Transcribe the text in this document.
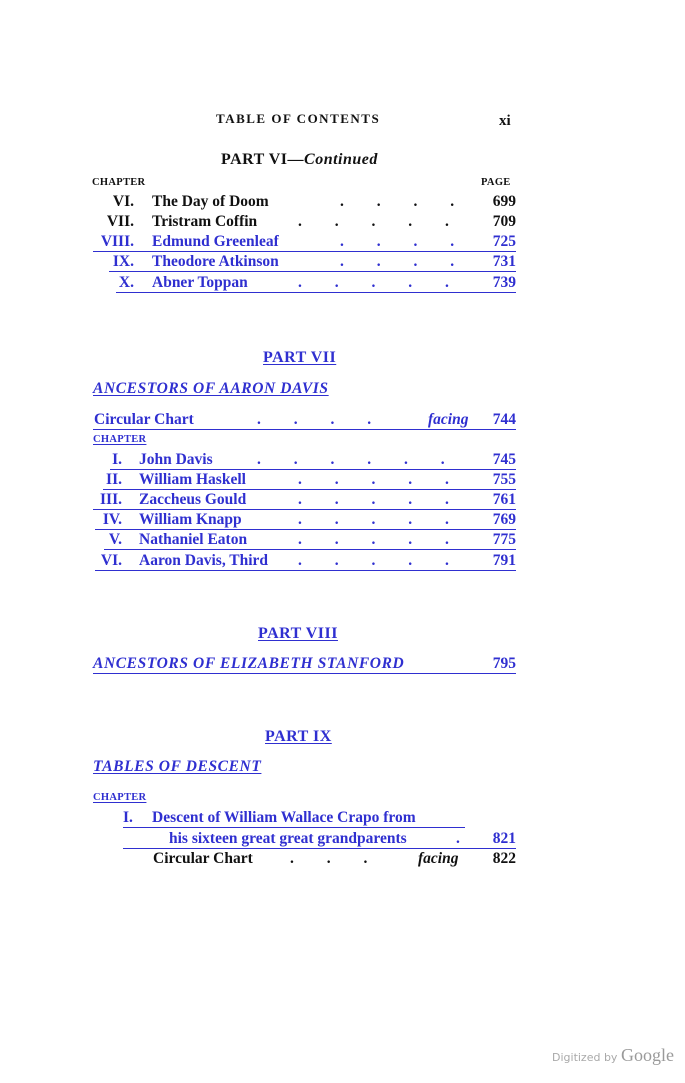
TABLE OF CONTENTS	xi
PART VI—Continued
CHAPTER	PAGE
VI. The Day of Doom	. . . .	699
VII. Tristram Coffin	. . . . .	709
VIII. Edmund Greenleaf	. . . .	725
IX. Theodore Atkinson	. . . .	731
X. Abner Toppan	. . . . .	739
PART VII
ANCESTORS OF AARON DAVIS
Circular Chart	. . . .	facing	744
CHAPTER
I. John Davis	. . . . . .	745
II. William Haskell	. . . . .	755
III. Zaccheus Gould	. . . . .	761
IV. William Knapp	. . . . .	769
V. Nathaniel Eaton	. . . . .	775
VI. Aaron Davis, Third . . . . .	791
PART VIII
ANCESTORS OF ELIZABETH STANFORD	795
PART IX
TABLES OF DESCENT
CHAPTER
I. Descent of William Wallace Crapo from
his sixteen great great grandparents	.	821
Circular Chart . . .	facing	822
Digitized by Google
